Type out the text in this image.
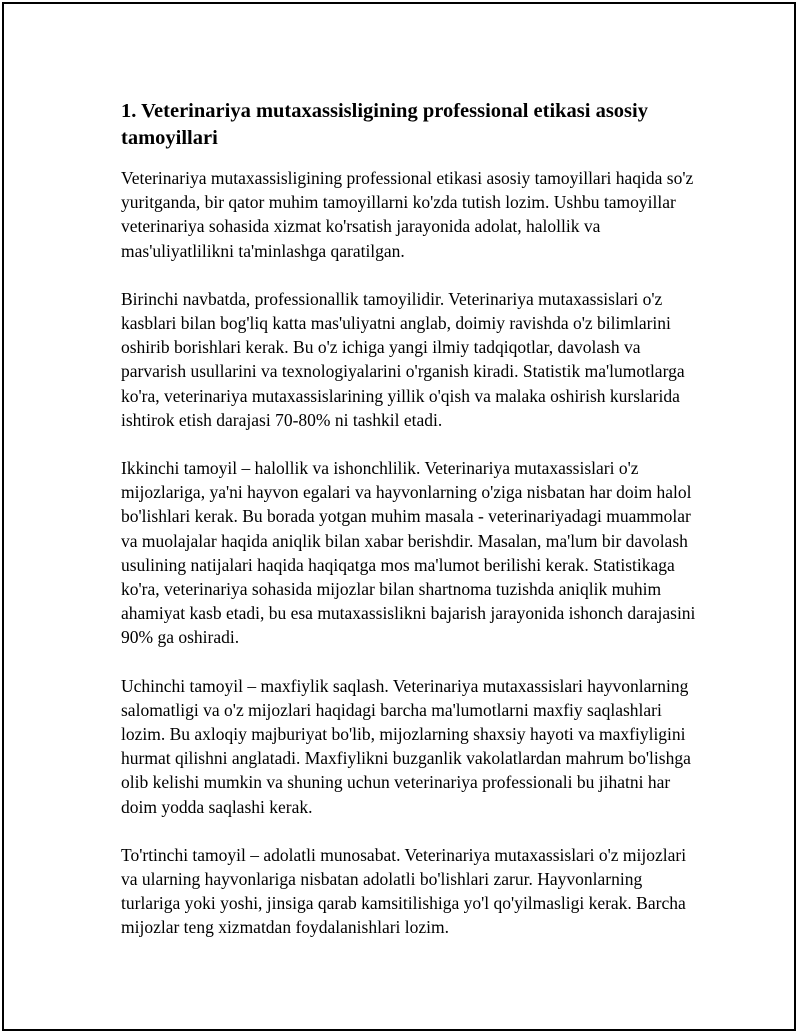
1. Veterinariya mutaxassisligining professional etikasi asosiy tamoyillari

Veterinariya mutaxassisligining professional etikasi asosiy tamoyillari haqida so'z yuritganda, bir qator muhim tamoyillarni ko'zda tutish lozim. Ushbu tamoyillar veterinariya sohasida xizmat ko'rsatish jarayonida adolat, halollik va mas'uliyatlilikni ta'minlashga qaratilgan.

Birinchi navbatda, professionallik tamoyilidir. Veterinariya mutaxassislari o'z kasblari bilan bog'liq katta mas'uliyatni anglab, doimiy ravishda o'z bilimlarini oshirib borishlari kerak. Bu o'z ichiga yangi ilmiy tadqiqotlar, davolash va parvarish usullarini va texnologiyalarini o'rganish kiradi. Statistik ma'lumotlarga ko'ra, veterinariya mutaxassislarining yillik o'qish va malaka oshirish kurslarida ishtirok etish darajasi 70-80% ni tashkil etadi.

Ikkinchi tamoyil – halollik va ishonchlilik. Veterinariya mutaxassislari o'z mijozlariga, ya'ni hayvon egalari va hayvonlarning o'ziga nisbatan har doim halol bo'lishlari kerak. Bu borada yotgan muhim masala - veterinariyadagi muammolar va muolajalar haqida aniqlik bilan xabar berishdir. Masalan, ma'lum bir davolash usulining natijalari haqida haqiqatga mos ma'lumot berilishi kerak. Statistikaga ko'ra, veterinariya sohasida mijozlar bilan shartnoma tuzishda aniqlik muhim ahamiyat kasb etadi, bu esa mutaxassislikni bajarish jarayonida ishonch darajasini 90% ga oshiradi.

Uchinchi tamoyil – maxfiylik saqlash. Veterinariya mutaxassislari hayvonlarning salomatligi va o'z mijozlari haqidagi barcha ma'lumotlarni maxfiy saqlashlari lozim. Bu axloqiy majburiyat bo'lib, mijozlarning shaxsiy hayoti va maxfiyligini hurmat qilishni anglatadi. Maxfiylikni buzganlik vakolatlardan mahrum bo'lishga olib kelishi mumkin va shuning uchun veterinariya professionali bu jihatni har doim yodda saqlashi kerak.

To'rtinchi tamoyil – adolatli munosabat. Veterinariya mutaxassislari o'z mijozlari va ularning hayvonlariga nisbatan adolatli bo'lishlari zarur. Hayvonlarning turlariga yoki yoshi, jinsiga qarab kamsitilishiga yo'l qo'yilmasligi kerak. Barcha mijozlar teng xizmatdan foydalanishlari lozim.
